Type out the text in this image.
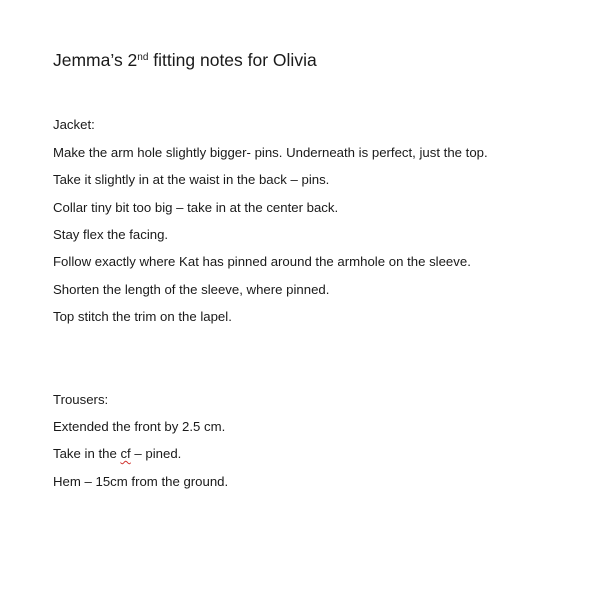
Jemma’s 2nd fitting notes for Olivia
Jacket:
Make the arm hole slightly bigger- pins. Underneath is perfect, just the top.
Take it slightly in at the waist in the back – pins.
Collar tiny bit too big – take in at the center back.
Stay flex the facing.
Follow exactly where Kat has pinned around the armhole on the sleeve.
Shorten the length of the sleeve, where pinned.
Top stitch the trim on the lapel.
Trousers:
Extended the front by 2.5 cm.
Take in the cf – pined.
Hem – 15cm from the ground.
